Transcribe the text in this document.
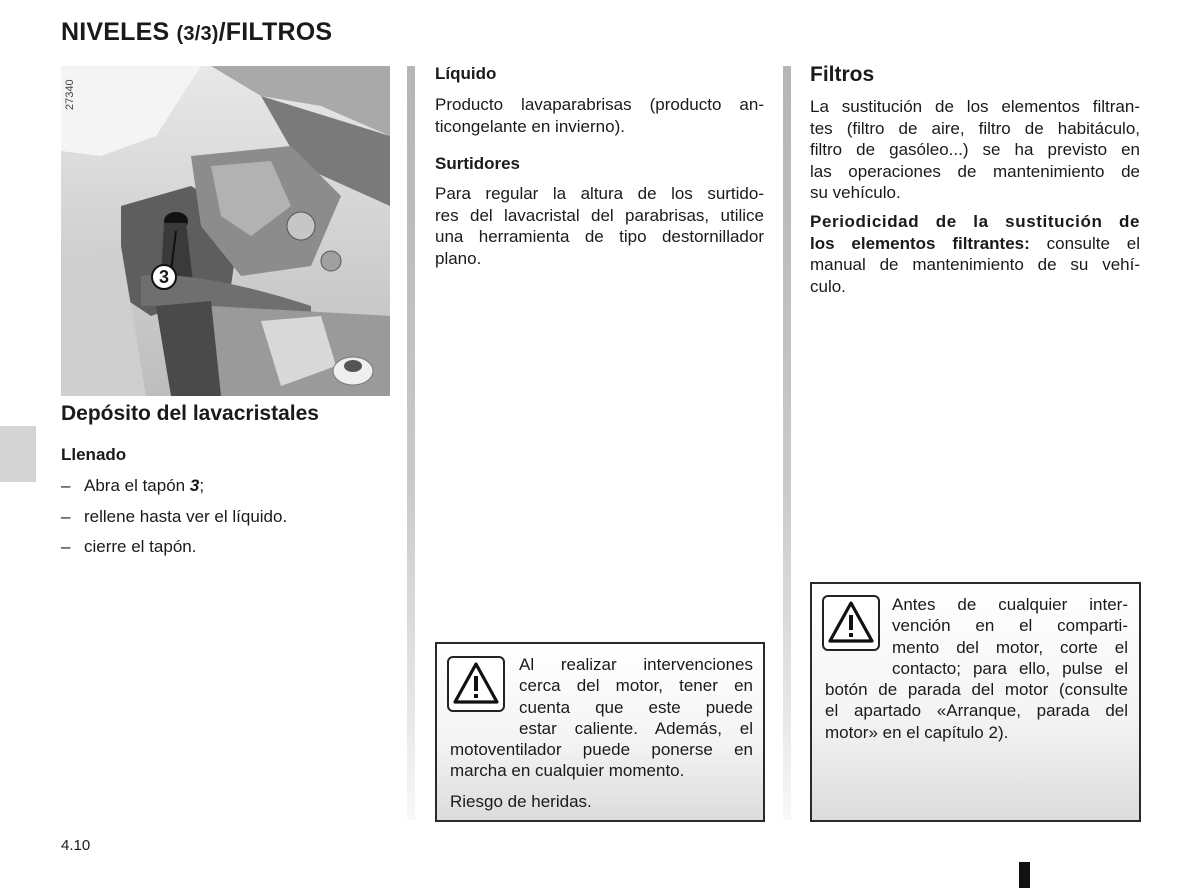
NIVELES (3/3)/FILTROS
3
27340
Depósito del lavacristales
Llenado
– Abra el tapón 3;
– rellene hasta ver el líquido.
– cierre el tapón.
Líquido
Producto lavaparabrisas (producto an-
ticongelante en invierno).
Surtidores
Para regular la altura de los surtido-
res del lavacristal del parabrisas, utilice
una herramienta de tipo destornillador
plano.
Al realizar intervenciones
cerca del motor, tener en
cuenta que este puede
estar caliente. Además, el
motoventilador puede ponerse en
marcha en cualquier momento.
Riesgo de heridas.
Filtros
La sustitución de los elementos filtran-
tes (filtro de aire, filtro de habitáculo,
filtro de gasóleo...) se ha previsto en
las operaciones de mantenimiento de
su vehículo.
Periodicidad de la sustitución de
los elementos filtrantes: consulte el
manual de mantenimiento de su vehí-
culo.
Antes de cualquier inter-
vención en el comparti-
mento del motor, corte el
contacto; para ello, pulse el
botón de parada del motor (consulte
el apartado «Arranque, parada del
motor» en el capítulo 2).
4.10
